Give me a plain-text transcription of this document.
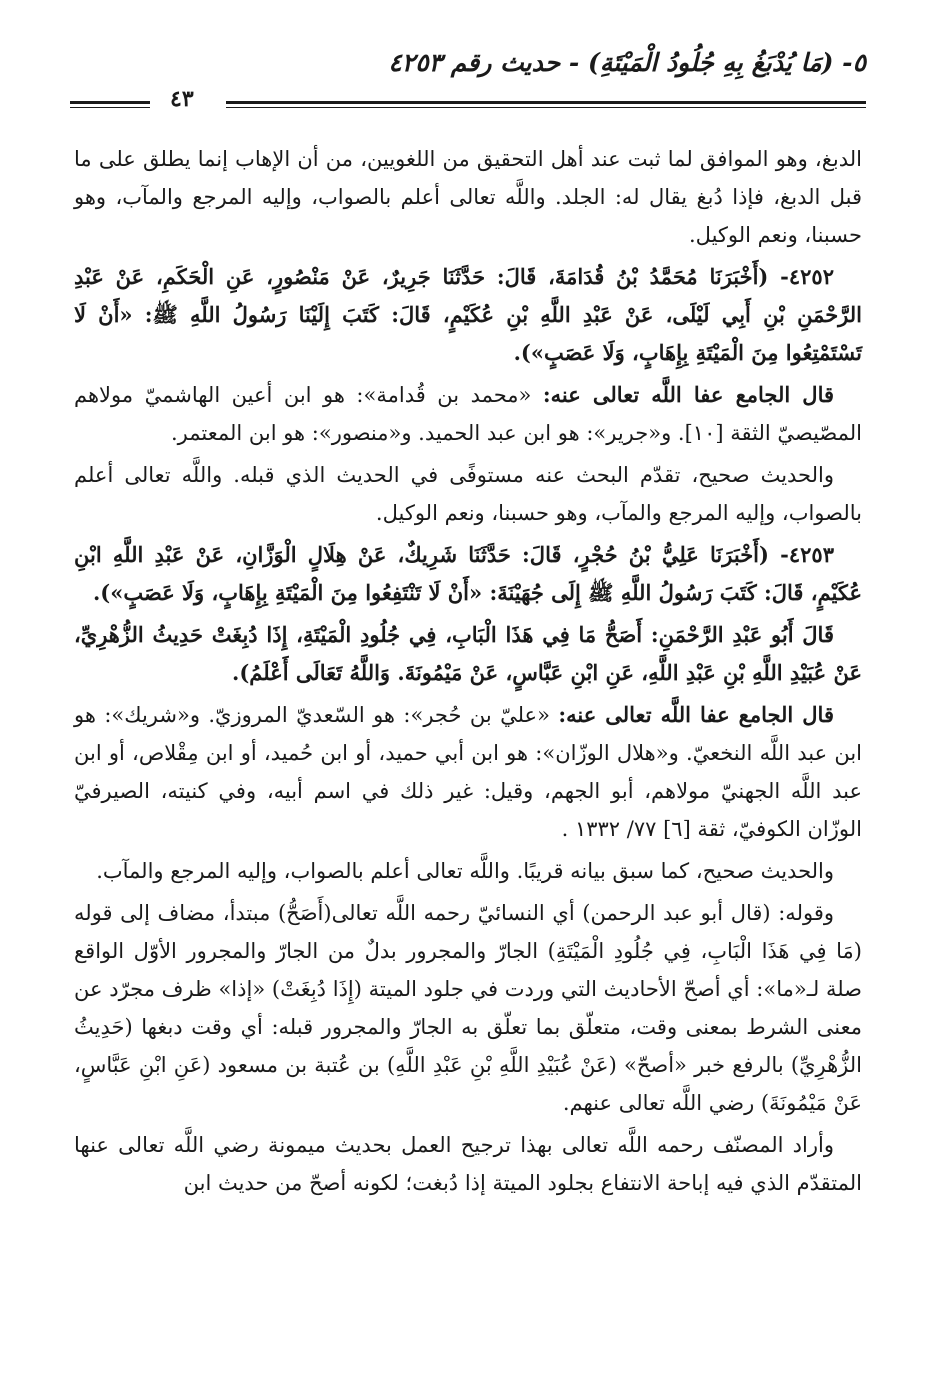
٥- (مَا يُدْبَغُ بِهِ جُلُودُ الْمَيْتَةِ) - حديث رقم ٤٢٥٣
٤٣

الدبغ، وهو الموافق لما ثبت عند أهل التحقيق من اللغويين، من أن الإهاب إنما يطلق على ما قبل الدبغ، فإذا دُبغ يقال له: الجلد. واللَّه تعالى أعلم بالصواب، وإليه المرجع والمآب، وهو حسبنا، ونعم الوكيل.

٤٢٥٢- (أَخْبَرَنَا مُحَمَّدُ بْنُ قُدَامَةَ، قَالَ: حَدَّثَنَا جَرِيرٌ، عَنْ مَنْصُورٍ، عَنِ الْحَكَمِ، عَنْ عَبْدِ الرَّحْمَنِ بْنِ أَبِي لَيْلَى، عَنْ عَبْدِ اللَّهِ بْنِ عُكَيْمٍ، قَالَ: كَتَبَ إِلَيْنَا رَسُولُ اللَّهِ ﷺ: «أَنْ لَا تَسْتَمْتِعُوا مِنَ الْمَيْتَةِ بِإِهَابٍ، وَلَا عَصَبٍ»).

قال الجامع عفا اللَّه تعالى عنه: «محمد بن قُدامة»: هو ابن أعين الهاشميّ مولاهم المصّيصيّ الثقة [١٠]. و«جرير»: هو ابن عبد الحميد. و«منصور»: هو ابن المعتمر.

والحديث صحيح، تقدّم البحث عنه مستوفًى في الحديث الذي قبله. واللَّه تعالى أعلم بالصواب، وإليه المرجع والمآب، وهو حسبنا، ونعم الوكيل.

٤٢٥٣- (أَخْبَرَنَا عَلِيُّ بْنُ حُجْرٍ، قَالَ: حَدَّثَنَا شَرِيكٌ، عَنْ هِلَالٍ الْوَزَّانِ، عَنْ عَبْدِ اللَّهِ ابْنِ عُكَيْمٍ، قَالَ: كَتَبَ رَسُولُ اللَّهِ ﷺ إِلَى جُهَيْنَةَ: «أَنْ لَا تَنْتَفِعُوا مِنَ الْمَيْتَةِ بِإِهَابٍ، وَلَا عَصَبٍ»).

قَالَ أَبُو عَبْدِ الرَّحْمَنِ: أَصَحُّ مَا فِي هَذَا الْبَابِ، فِي جُلُودِ الْمَيْتَةِ، إِذَا دُبِغَتْ حَدِيثُ الزُّهْرِيِّ، عَنْ عُبَيْدِ اللَّهِ بْنِ عَبْدِ اللَّهِ، عَنِ ابْنِ عَبَّاسٍ، عَنْ مَيْمُونَةَ. وَاللَّهُ تَعَالَى أَعْلَمُ).

قال الجامع عفا اللَّه تعالى عنه: «عليّ بن حُجر»: هو السّعديّ المروزيّ. و«شريك»: هو ابن عبد اللَّه النخعيّ. و«هلال الوزّان»: هو ابن أبي حميد، أو ابن حُميد، أو ابن مِقْلاص، أو ابن عبد اللَّه الجهنيّ مولاهم، أبو الجهم، وقيل: غير ذلك في اسم أبيه، وفي كنيته، الصيرفيّ الوزّان الكوفيّ، ثقة [٦] ٧٧/ ١٣٣٢ .

والحديث صحيح، كما سبق بيانه قريبًا. واللَّه تعالى أعلم بالصواب، وإليه المرجع والمآب.

وقوله: (قال أبو عبد الرحمن) أي النسائيّ رحمه اللَّه تعالى(أَصَحُّ) مبتدأ، مضاف إلى قوله (مَا فِي هَذَا الْبَابِ، فِي جُلُودِ الْمَيْتَةِ) الجارّ والمجرور بدلٌ من الجارّ والمجرور الأوّل الواقع صلة لـ«ما»: أي أصحّ الأحاديث التي وردت في جلود الميتة (إِذَا دُبِغَتْ) «إذا» ظرف مجرّد عن معنى الشرط بمعنى وقت، متعلّق بما تعلّق به الجارّ والمجرور قبله: أي وقت دبغها (حَدِيثُ الزُّهْرِيِّ) بالرفع خبر «أصحّ» (عَنْ عُبَيْدِ اللَّهِ بْنِ عَبْدِ اللَّهِ) بن عُتبة بن مسعود (عَنِ ابْنِ عَبَّاسٍ، عَنْ مَيْمُونَةَ) رضي اللَّه تعالى عنهم.

وأراد المصنّف رحمه اللَّه تعالى بهذا ترجيح العمل بحديث ميمونة رضي اللَّه تعالى عنها المتقدّم الذي فيه إباحة الانتفاع بجلود الميتة إذا دُبغت؛ لكونه أصحّ من حديث ابن
